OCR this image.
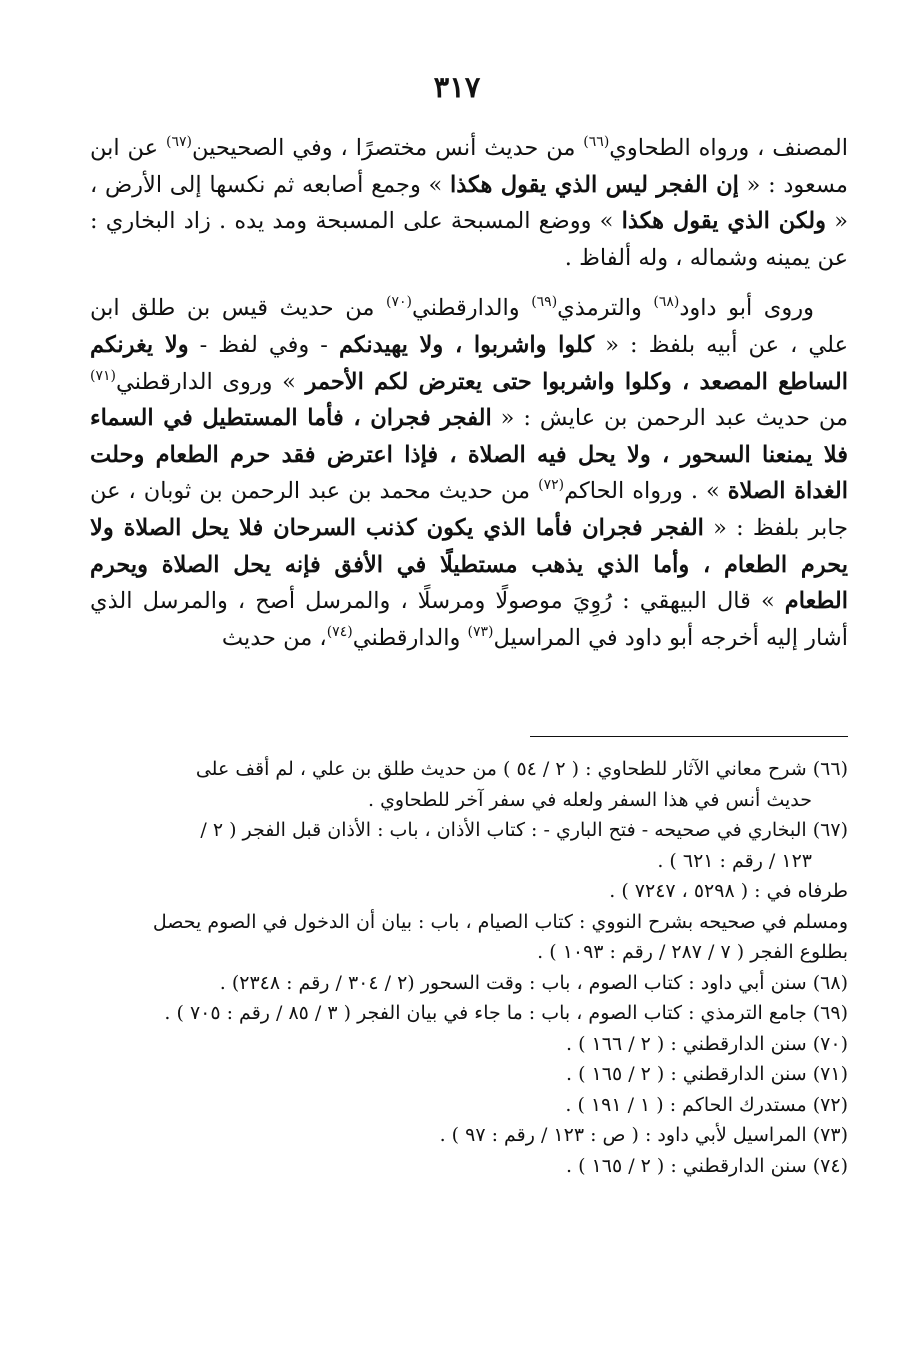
٣١٧

المصنف ، ورواه الطحاوي$^{(٦٦)}$ من حديث أنس مختصرًا ، وفي الصحيحين$^{(٦٧)}$ عن ابن مسعود : « إن الفجر ليس الذي يقول هكذا » وجمع أصابعه ثم نكسها إلى الأرض ، « ولكن الذي يقول هكذا » ووضع المسبحة على المسبحة ومد يده . زاد البخاري : عن يمينه وشماله ، وله ألفاظ .

وروى أبو داود$^{(٦٨)}$ والترمذي$^{(٦٩)}$ والدارقطني$^{(٧٠)}$ من حديث قيس بن طلق ابن علي ، عن أبيه بلفظ : « كلوا واشربوا ، ولا يهيدنكم - وفي لفظ - ولا يغرنكم الساطع المصعد ، وكلوا واشربوا حتى يعترض لكم الأحمر » وروى الدارقطني$^{(٧١)}$ من حديث عبد الرحمن بن عايش : « الفجر فجران ، فأما المستطيل في السماء فلا يمنعنا السحور ، ولا يحل فيه الصلاة ، فإذا اعترض فقد حرم الطعام وحلت الغداة الصلاة » . ورواه الحاكم$^{(٧٢)}$ من حديث محمد بن عبد الرحمن بن ثوبان ، عن جابر بلفظ : « الفجر فجران فأما الذي يكون كذنب السرحان فلا يحل الصلاة ولا يحرم الطعام ، وأما الذي يذهب مستطيلًا في الأفق فإنه يحل الصلاة ويحرم الطعام » قال البيهقي : رُوِيَ موصولًا ومرسلًا ، والمرسل أصح ، والمرسل الذي أشار إليه أخرجه أبو داود في المراسيل$^{(٧٣)}$ والدارقطني$^{(٧٤)}$، من حديث

(٦٦) شرح معاني الآثار للطحاوي : ( ٢ / ٥٤ ) من حديث طلق بن علي ، لم أقف على

حديث أنس في هذا السفر ولعله في سفر آخر للطحاوي .

(٦٧) البخاري في صحيحه - فتح الباري - : كتاب الأذان ، باب : الأذان قبل الفجر ( ٢ /

١٢٣ / رقم : ٦٢١ ) .

طرفاه في : ( ٥٢٩٨ ، ٧٢٤٧ ) .

ومسلم في صحيحه بشرح النووي : كتاب الصيام ، باب : بيان أن الدخول في الصوم يحصل

بطلوع الفجر ( ٧ / ٢٨٧ / رقم : ١٠٩٣ ) .

(٦٨) سنن أبي داود : كتاب الصوم ، باب : وقت السحور (٢ / ٣٠٤ / رقم : ٢٣٤٨) .

(٦٩) جامع الترمذي : كتاب الصوم ، باب : ما جاء في بيان الفجر ( ٣ / ٨٥ / رقم : ٧٠٥ ) .

(٧٠) سنن الدارقطني : ( ٢ / ١٦٦ ) .

(٧١) سنن الدارقطني : ( ٢ / ١٦٥ ) .

(٧٢) مستدرك الحاكم : ( ١ / ١٩١ ) .

(٧٣) المراسيل لأبي داود : ( ص : ١٢٣ / رقم : ٩٧ ) .

(٧٤) سنن الدارقطني : ( ٢ / ١٦٥ ) .
